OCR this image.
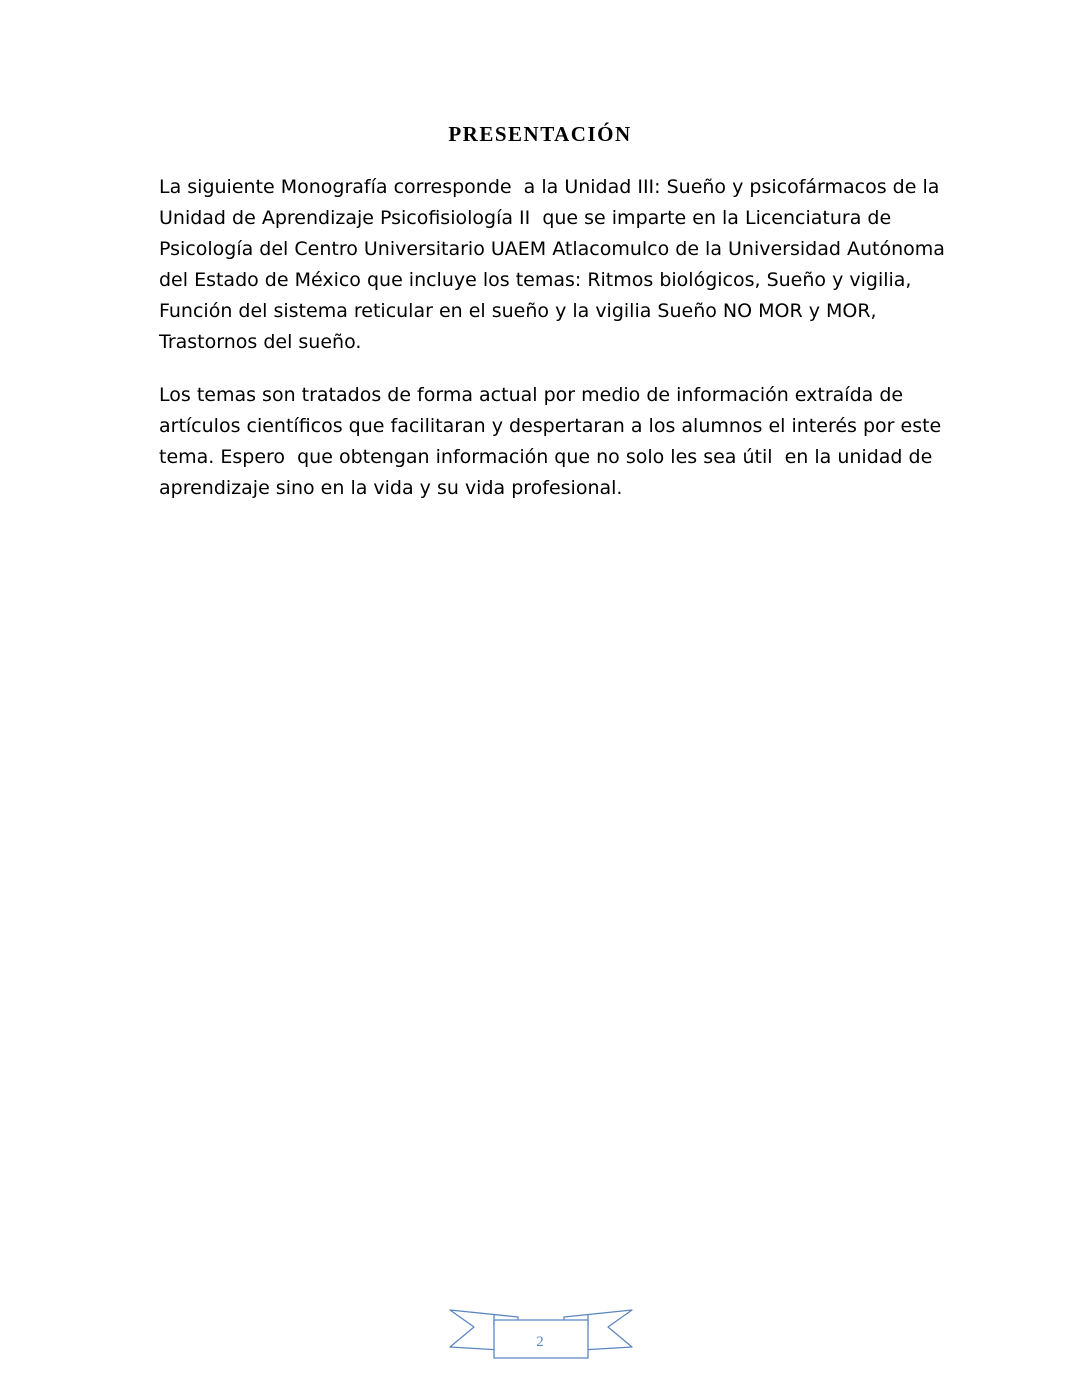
PRESENTACIÓN
La siguiente Monografía corresponde  a la Unidad III: Sueño y psicofármacos de la
Unidad de Aprendizaje Psicofisiología II  que se imparte en la Licenciatura de
Psicología del Centro Universitario UAEM Atlacomulco de la Universidad Autónoma
del Estado de México que incluye los temas: Ritmos biológicos, Sueño y vigilia,
Función del sistema reticular en el sueño y la vigilia Sueño NO MOR y MOR,
Trastornos del sueño.
Los temas son tratados de forma actual por medio de información extraída de
artículos científicos que facilitaran y despertaran a los alumnos el interés por este
tema. Espero  que obtengan información que no solo les sea útil  en la unidad de
aprendizaje sino en la vida y su vida profesional.
2
